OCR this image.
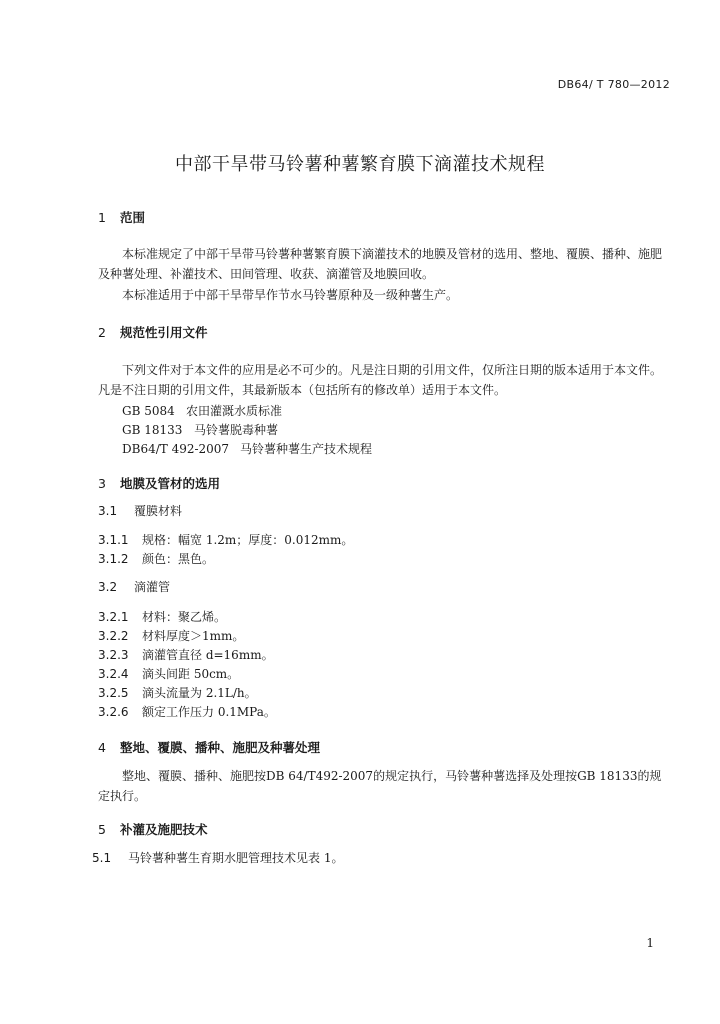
DB64/ T 780—2012
中部干旱带马铃薯种薯繁育膜下滴灌技术规程
1 范围
本标准规定了中部干旱带马铃薯种薯繁育膜下滴灌技术的地膜及管材的选用、整地、覆膜、播种、施肥及种薯处理、补灌技术、田间管理、收获、滴灌管及地膜回收。
本标准适用于中部干旱带旱作节水马铃薯原种及一级种薯生产。
2 规范性引用文件
下列文件对于本文件的应用是必不可少的。凡是注日期的引用文件，仅所注日期的版本适用于本文件。凡是不注日期的引用文件，其最新版本（包括所有的修改单）适用于本文件。
GB 5084 农田灌溉水质标准
GB 18133 马铃薯脱毒种薯
DB64/T 492-2007 马铃薯种薯生产技术规程
3 地膜及管材的选用
3.1 覆膜材料
3.1.1 规格：幅宽 1.2m；厚度：0.012mm。
3.1.2 颜色：黑色。
3.2 滴灌管
3.2.1 材料：聚乙烯。
3.2.2 材料厚度＞1mm。
3.2.3 滴灌管直径 d=16mm。
3.2.4 滴头间距 50cm。
3.2.5 滴头流量为 2.1L/h。
3.2.6 额定工作压力 0.1MPa。
4 整地、覆膜、播种、施肥及种薯处理
整地、覆膜、播种、施肥按DB 64/T492-2007的规定执行，马铃薯种薯选择及处理按GB 18133的规定执行。
5 补灌及施肥技术
5.1 马铃薯种薯生育期水肥管理技术见表 1。
1
